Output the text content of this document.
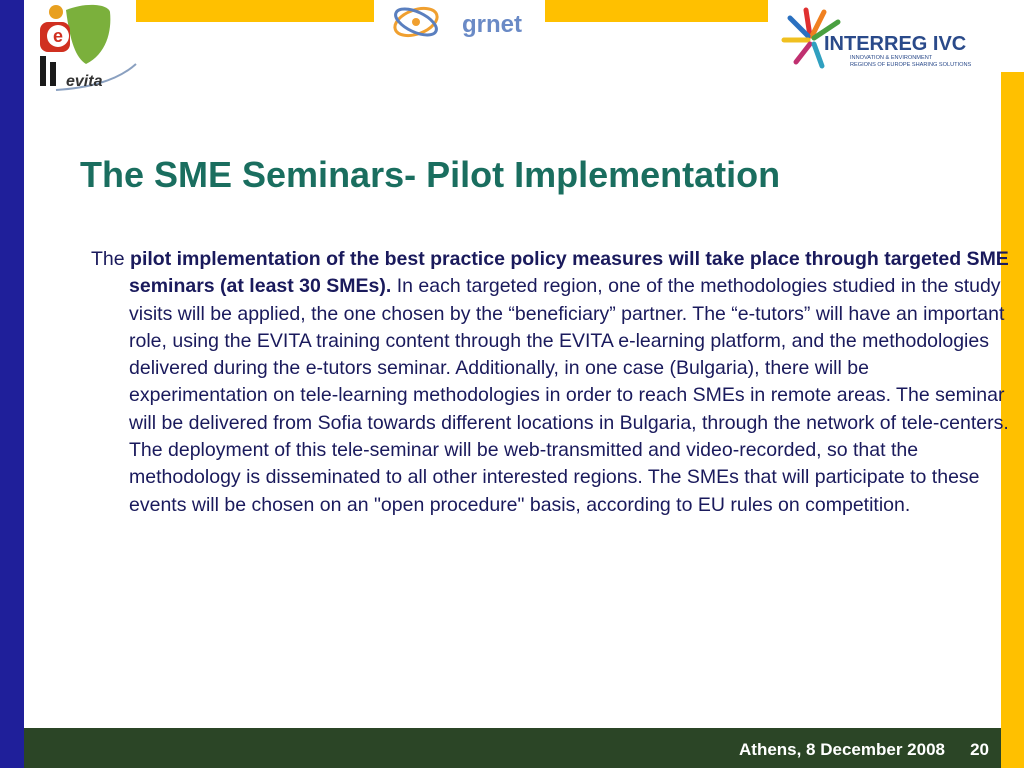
e
evita
grnet
INTERREG IVC
INNOVATION & ENVIRONMENT
REGIONS OF EUROPE SHARING SOLUTIONS
The SME Seminars- Pilot Implementation

The pilot implementation of the best practice policy measures will take place through targeted SME seminars (at least 30 SMEs). In each targeted region, one of the methodologies studied in the study visits will be applied, the one chosen by the “beneficiary” partner. The “e-tutors” will have an important role, using the EVITA training content through the EVITA e-learning platform, and the methodologies delivered during the e-tutors seminar. Additionally, in one case (Bulgaria), there will be experimentation on tele-learning methodologies in order to reach SMEs in remote areas. The seminar will be delivered from Sofia towards different locations in Bulgaria, through the network of tele-centers. The deployment of this tele-seminar will be web-transmitted and video-recorded, so that the methodology is disseminated to all other interested regions. The SMEs that will participate to these events will be chosen on an "open procedure" basis, according to EU rules on competition.

Athens, 8 December 2008 20
